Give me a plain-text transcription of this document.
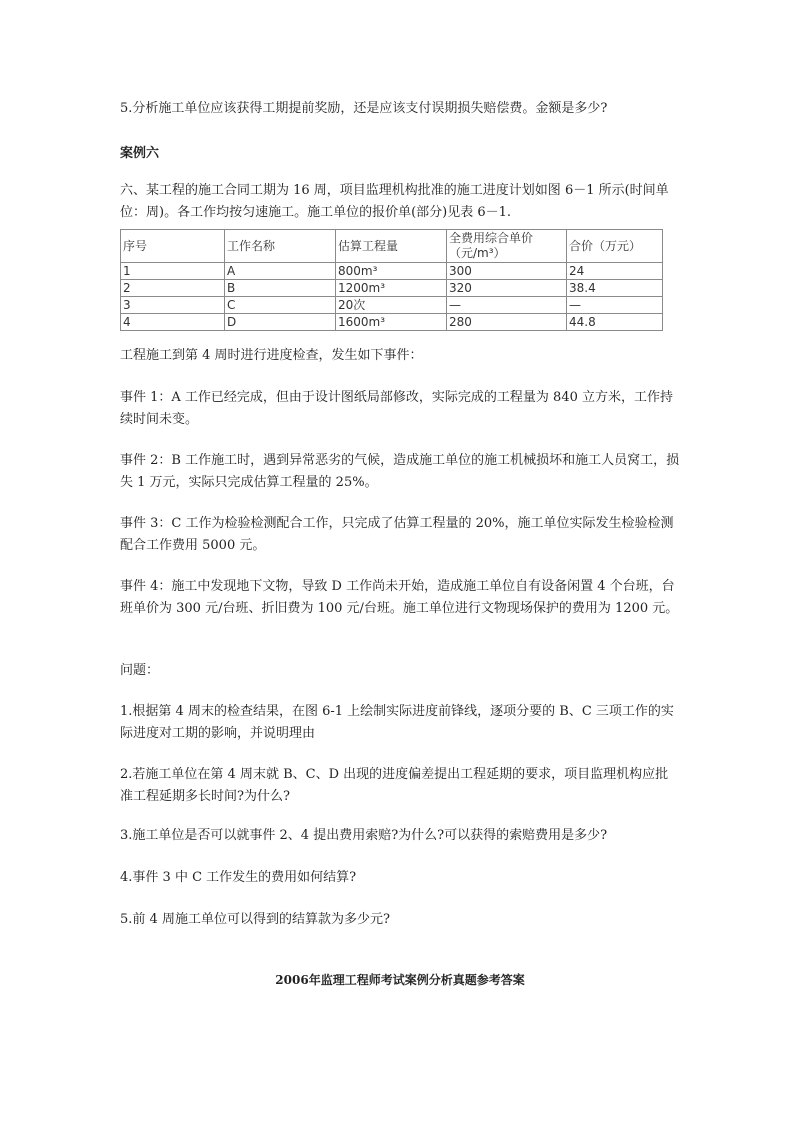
5.分析施工单位应该获得工期提前奖励，还是应该支付误期损失赔偿费。金额是多少?

案例六

六、某工程的施工合同工期为 16 周，项目监理机构批准的施工进度计划如图 6－1 所示(时间单位：周)。各工作均按匀速施工。施工单位的报价单(部分)见表 6－1.

序号	工作名称	估算工程量	全费用综合单价（元/m³）	合价（万元）
1	A	800m³	300	24
2	B	1200m³	320	38.4
3	C	20次	—	—
4	D	1600m³	280	44.8

工程施工到第 4 周时进行进度检查，发生如下事件：

事件 1：A 工作已经完成，但由于设计图纸局部修改，实际完成的工程量为 840 立方米，工作持续时间未变。

事件 2：B 工作施工时，遇到异常恶劣的气候，造成施工单位的施工机械损坏和施工人员窝工，损失 1 万元，实际只完成估算工程量的 25%。

事件 3：C 工作为检验检测配合工作，只完成了估算工程量的 20%，施工单位实际发生检验检测配合工作费用 5000 元。

事件 4：施工中发现地下文物，导致 D 工作尚未开始，造成施工单位自有设备闲置 4 个台班，台班单价为 300 元/台班、折旧费为 100 元/台班。施工单位进行文物现场保护的费用为 1200 元。

问题：

1.根据第 4 周末的检查结果，在图 6-1 上绘制实际进度前锋线，逐项分要的 B、C 三项工作的实际进度对工期的影响，并说明理由

2.若施工单位在第 4 周末就 B、C、D 出现的进度偏差提出工程延期的要求，项目监理机构应批准工程延期多长时间?为什么?

3.施工单位是否可以就事件 2、4 提出费用索赔?为什么?可以获得的索赔费用是多少?

4.事件 3 中 C 工作发生的费用如何结算?

5.前 4 周施工单位可以得到的结算款为多少元?

2006年监理工程师考试案例分析真题参考答案
